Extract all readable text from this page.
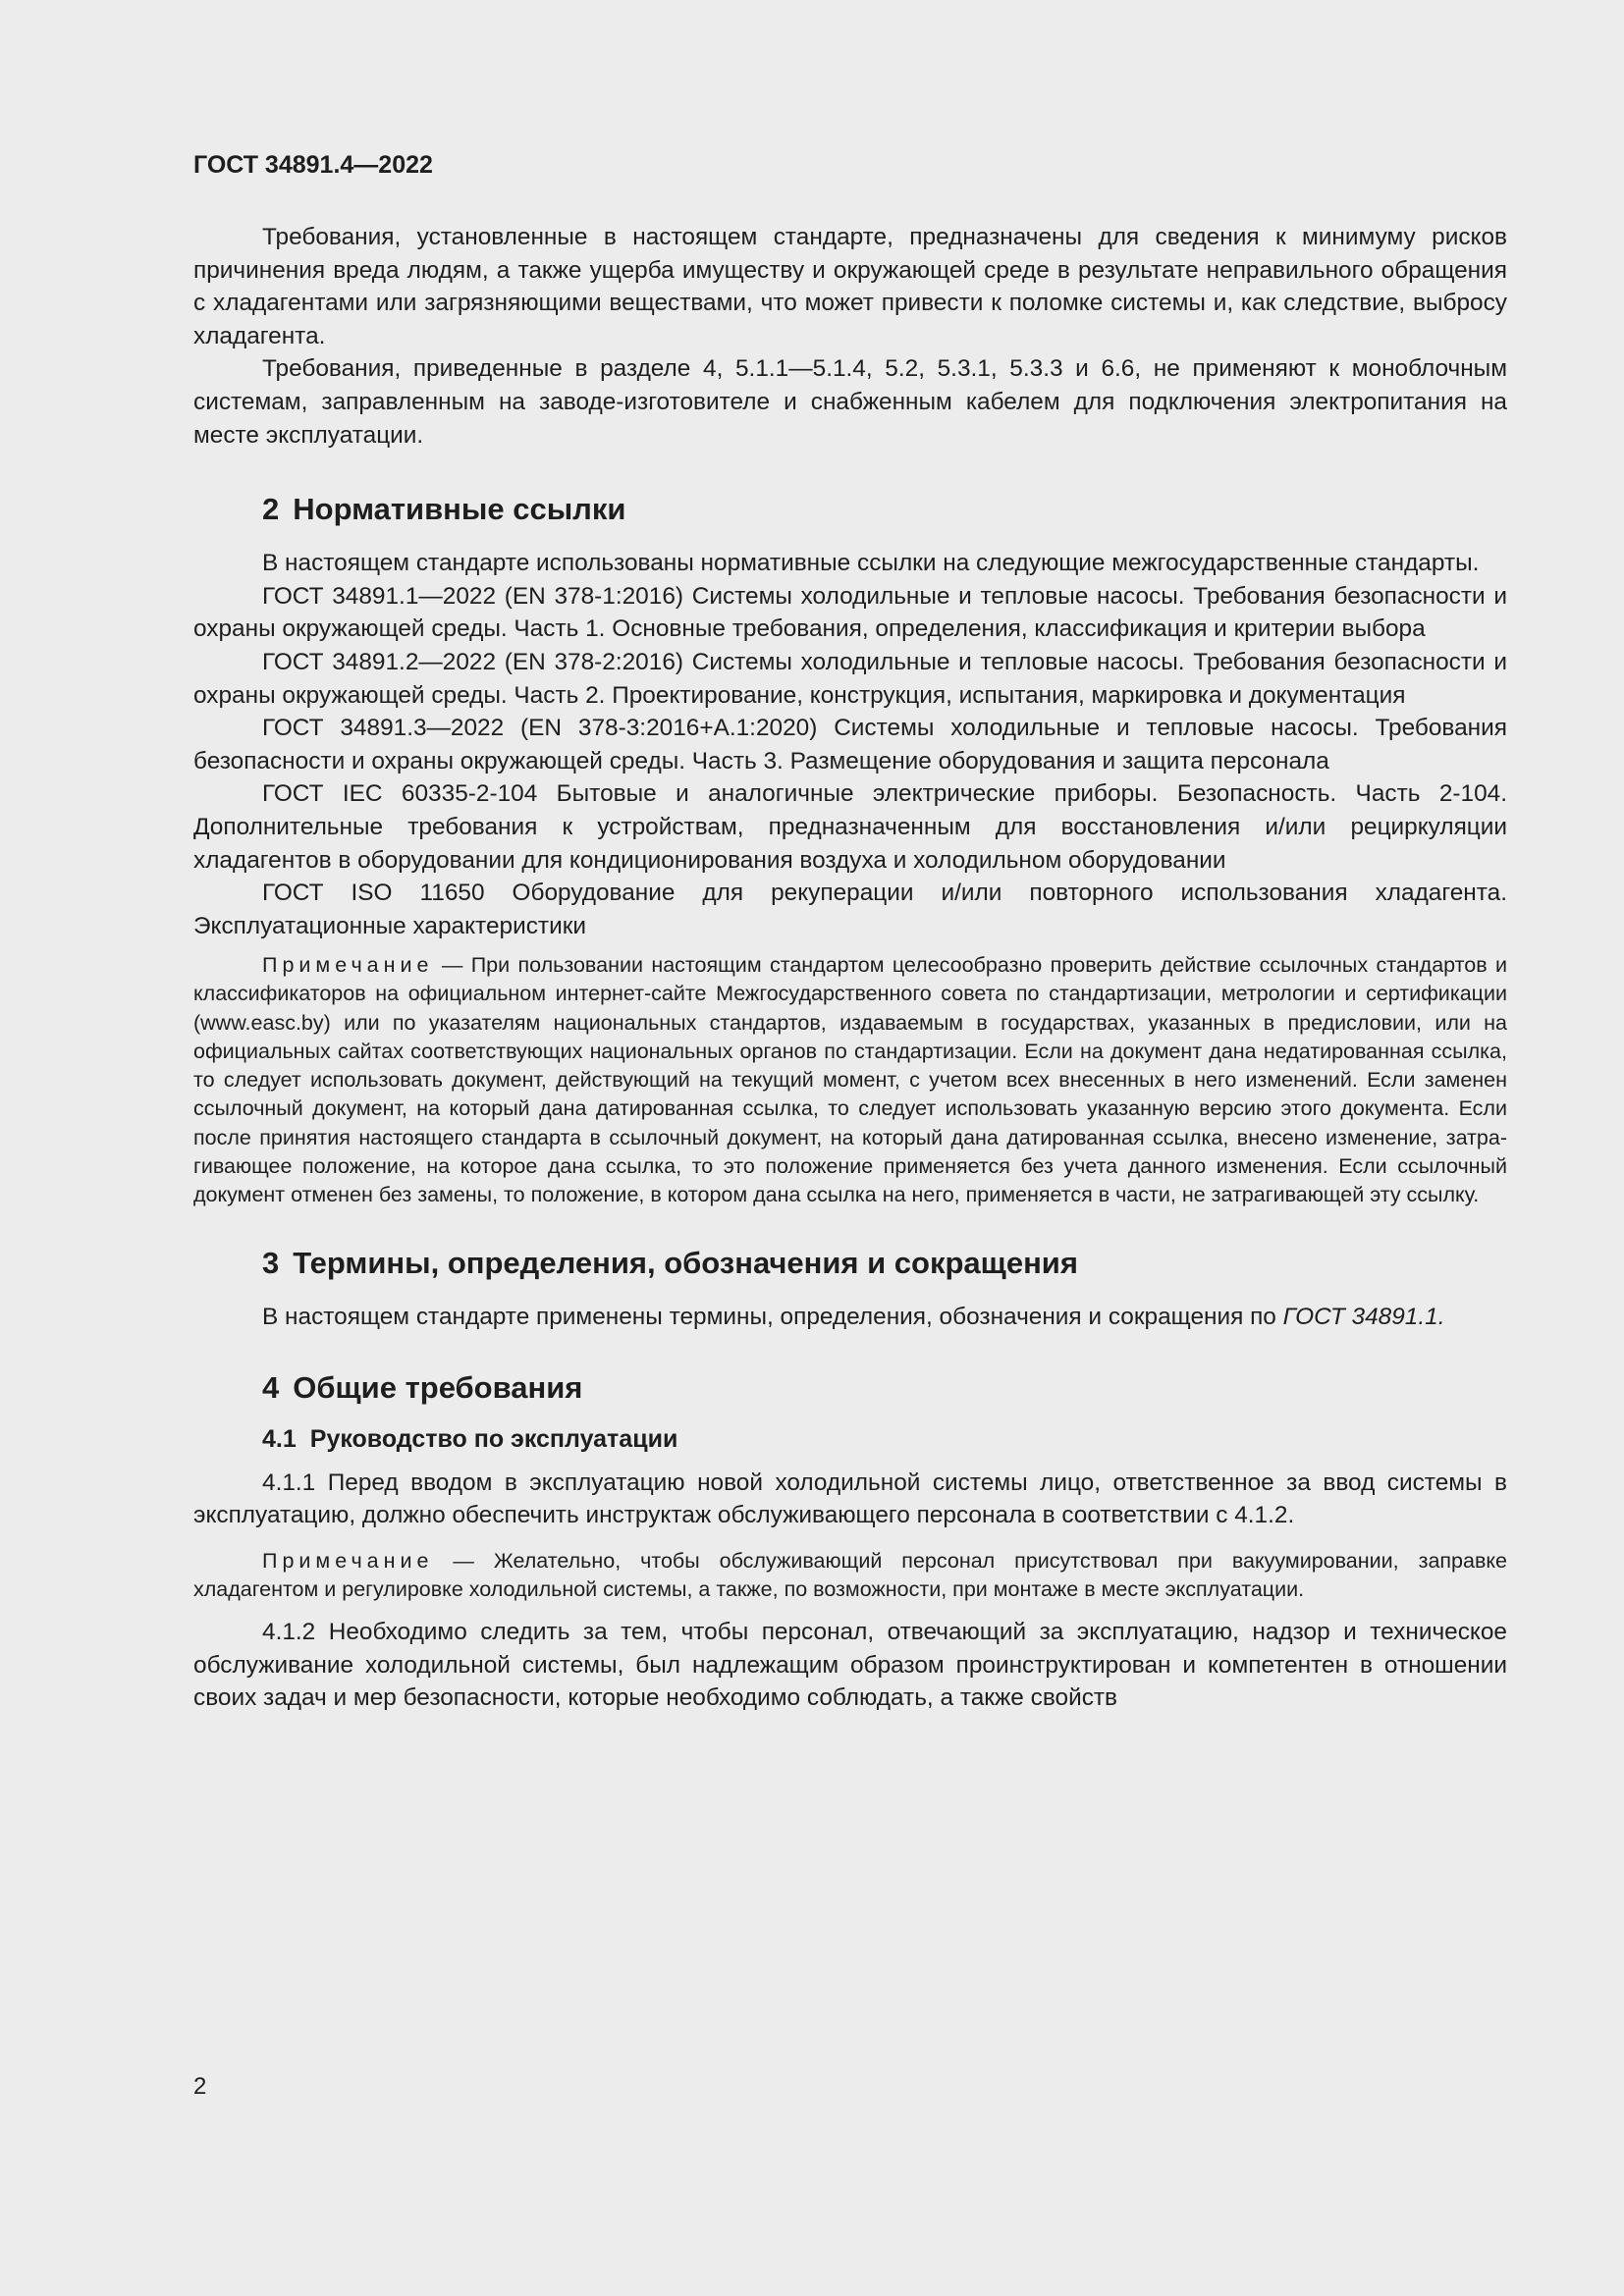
ГОСТ 34891.4—2022

Требования, установленные в настоящем стандарте, предназначены для сведения к минимуму рисков причинения вреда людям, а также ущерба имуществу и окружающей среде в результате неправильного обращения с хладагентами или загрязняющими веществами, что может привести к поломке системы и, как следствие, выбросу хладагента.

Требования, приведенные в разделе 4, 5.1.1—5.1.4, 5.2, 5.3.1, 5.3.3 и 6.6, не применяют к моноблочным системам, заправленным на заводе-изготовителе и снабженным кабелем для подключения электропитания на месте эксплуатации.

2 Нормативные ссылки

В настоящем стандарте использованы нормативные ссылки на следующие межгосударственные стандарты.

ГОСТ 34891.1—2022 (EN 378-1:2016) Системы холодильные и тепловые насосы. Требования безопасности и охраны окружающей среды. Часть 1. Основные требования, определения, классификация и критерии выбора

ГОСТ 34891.2—2022 (EN 378-2:2016) Системы холодильные и тепловые насосы. Требования безопасности и охраны окружающей среды. Часть 2. Проектирование, конструкция, испытания, маркировка и документация

ГОСТ 34891.3—2022 (EN 378-3:2016+A.1:2020) Системы холодильные и тепловые насосы. Требования безопасности и охраны окружающей среды. Часть 3. Размещение оборудования и защита персонала

ГОСТ IEC 60335-2-104 Бытовые и аналогичные электрические приборы. Безопасность. Часть 2-104. Дополнительные требования к устройствам, предназначенным для восстановления и/или рециркуляции хладагентов в оборудовании для кондиционирования воздуха и холодильном оборудовании

ГОСТ ISO 11650 Оборудование для рекуперации и/или повторного использования хладагента. Эксплуатационные характеристики

Примечание — При пользовании настоящим стандартом целесообразно проверить действие ссылочных стандартов и классификаторов на официальном интернет-сайте Межгосударственного совета по стандартизации, метрологии и сертификации (www.easc.by) или по указателям национальных стандартов, издаваемым в государствах, указанных в предисловии, или на официальных сайтах соответствующих национальных органов по стандартизации. Если на документ дана недатированная ссылка, то следует использовать документ, действующий на текущий момент, с учетом всех внесенных в него изменений. Если заменен ссылочный документ, на который дана датированная ссылка, то следует использовать указанную версию этого документа. Если после принятия настоящего стандарта в ссылочный документ, на который дана датированная ссылка, внесено изменение, затрагивающее положение, на которое дана ссылка, то это положение применяется без учета данного изменения. Если ссылочный документ отменен без замены, то положение, в котором дана ссылка на него, применяется в части, не затрагивающей эту ссылку.

3 Термины, определения, обозначения и сокращения

В настоящем стандарте применены термины, определения, обозначения и сокращения по ГОСТ 34891.1.

4 Общие требования
4.1 Руководство по эксплуатации

4.1.1 Перед вводом в эксплуатацию новой холодильной системы лицо, ответственное за ввод системы в эксплуатацию, должно обеспечить инструктаж обслуживающего персонала в соответствии с 4.1.2.

Примечание — Желательно, чтобы обслуживающий персонал присутствовал при вакуумировании, заправке хладагентом и регулировке холодильной системы, а также, по возможности, при монтаже в месте эксплуатации.

4.1.2 Необходимо следить за тем, чтобы персонал, отвечающий за эксплуатацию, надзор и техническое обслуживание холодильной системы, был надлежащим образом проинструктирован и компетентен в отношении своих задач и мер безопасности, которые необходимо соблюдать, а также свойств

2
